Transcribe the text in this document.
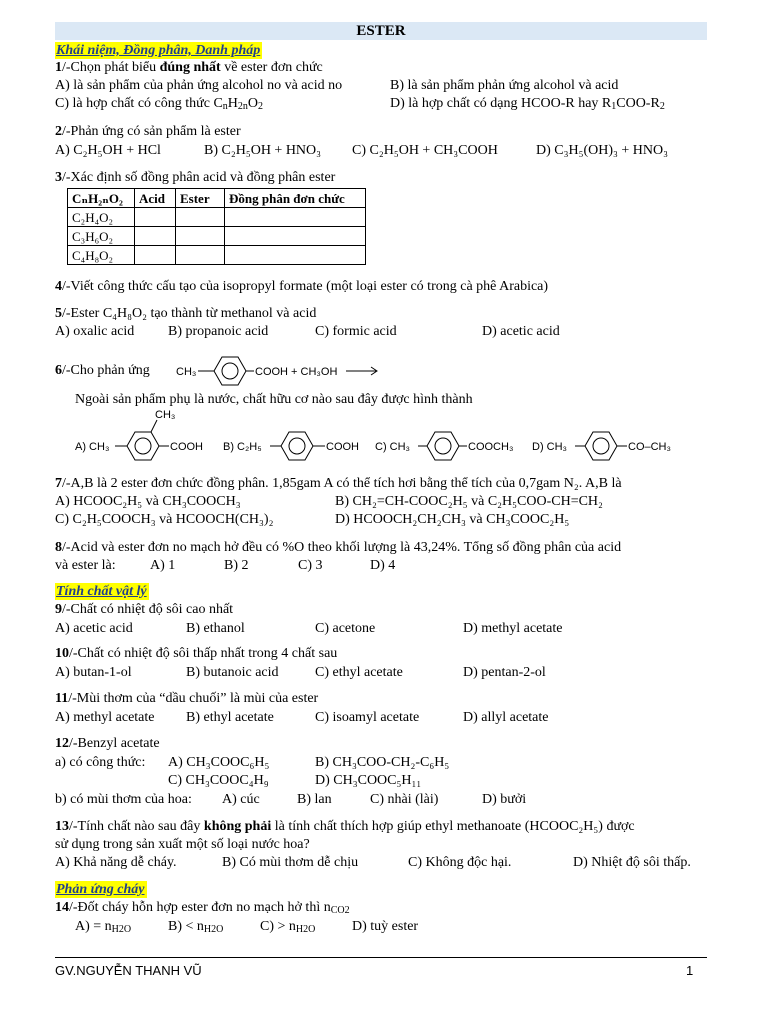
ESTER
Khái niệm, Đồng phân, Danh pháp
1/-Chọn phát biểu đúng nhất về ester đơn chức
A) là sản phẩm của phản ứng alcohol no và acid no	B) là sản phẩm phản ứng alcohol và acid
C) là hợp chất có công thức $C_nH_{2n}O_2$	D) là hợp chất có dạng HCOO-R hay $R_1COO-R_2$
2/-Phản ứng có sản phẩm là ester
A) C₂H₅OH + HCl	B) C₂H₅OH + HNO₃ C) C₂H₅OH + CH₃COOH	D) C₃H₅(OH)₃ + HNO₃
3/-Xác định số đồng phân acid và đồng phân ester
CₙH₂ₙO₂	Acid	Ester	Đồng phân đơn chức
C₂H₄O₂			
C₃H₆O₂			
C₄H₈O₂			
4/-Viết công thức cấu tạo của isopropyl formate (một loại ester có trong cà phê Arabica)
5/-Ester C₄H₈O₂ tạo thành từ methanol và acid
A) oxalic acid B) propanoic acid	C) formic acid	D) acetic acid
6/-Cho phản ứng CH₃	COOH + CH₃OH
Ngoài sản phẩm phụ là nước, chất hữu cơ nào sau đây được hình thành
A) CH₃
CH₃
COOH B) C₂H₅	COOH C) CH₃	COOCH₃ D) CH₃	CO–CH₃
7/-A,B là 2 ester đơn chức đồng phân. 1,85gam A có thể tích hơi bằng thể tích của 0,7gam N₂. A,B là
A) HCOOC₂H₅ và CH₃COOCH₃	B) CH₂=CH-COOC₂H₅ và C₂H₅COO-CH=CH₂
C) C₂H₅COOCH₃ và HCOOCH(CH₃)₂	D) HCOOCH₂CH₂CH₃ và CH₃COOC₂H₅
8/-Acid và ester đơn no mạch hở đều có %O theo khối lượng là 43,24%. Tổng số đồng phân của acid
và ester là: A) 1	B) 2	C) 3	D) 4
Tính chất vật lý
9/-Chất có nhiệt độ sôi cao nhất
A) acetic acid	B) ethanol	C) acetone	D) methyl acetate
10/-Chất có nhiệt độ sôi thấp nhất trong 4 chất sau
A) butan-1-ol	B) butanoic acid	C) ethyl acetate	D) pentan-2-ol
11/-Mùi thơm của “dầu chuối” là mùi của ester
A) methyl acetate B) ethyl acetate	C) isoamyl acetate	D) allyl acetate
12/-Benzyl acetate
a) có công thức: A) CH₃COOC₆H₅	B) CH₃COO-CH₂-C₆H₅
C) CH₃COOC₄H₉	D) CH₃COOC₅H₁₁
b) có mùi thơm của hoa: A) cúc	B) lan	C) nhài (lài)	D) bưởi
13/-Tính chất nào sau đây không phải là tính chất thích hợp giúp ethyl methanoate (HCOOC₂H₅) được
sử dụng trong sản xuất một số loại nước hoa?
A) Khả năng dễ cháy.	B) Có mùi thơm dễ chịu	C) Không độc hại.	D) Nhiệt độ sôi thấp.
Phản ứng cháy
14/-Đốt cháy hỗn hợp ester đơn no mạch hở thì $n_{CO2}$
$A) = n_{H2O}$	$B) < n_{H2O}$	$C) > n_{H2O}$	D) tuỳ ester
GV.NGUYỄN THANH VŨ	1
